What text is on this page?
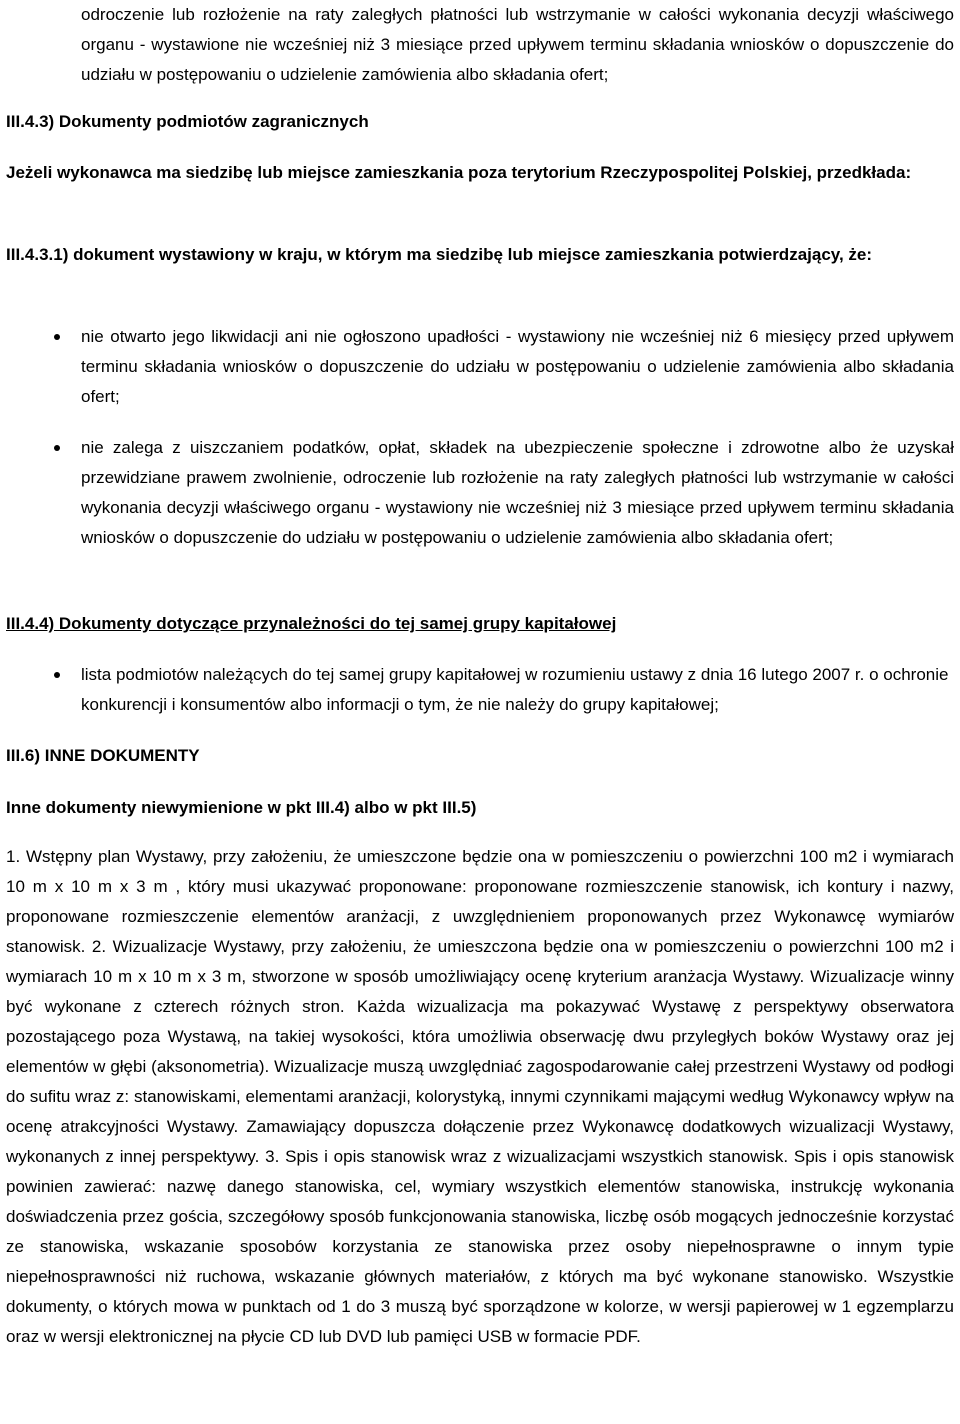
odroczenie lub rozłożenie na raty zaległych płatności lub wstrzymanie w całości wykonania decyzji właściwego organu - wystawione nie wcześniej niż 3 miesiące przed upływem terminu składania wniosków o dopuszczenie do udziału w postępowaniu o udzielenie zamówienia albo składania ofert;

III.4.3) Dokumenty podmiotów zagranicznych

Jeżeli wykonawca ma siedzibę lub miejsce zamieszkania poza terytorium Rzeczypospolitej Polskiej, przedkłada:

III.4.3.1) dokument wystawiony w kraju, w którym ma siedzibę lub miejsce zamieszkania potwierdzający, że:

nie otwarto jego likwidacji ani nie ogłoszono upadłości - wystawiony nie wcześniej niż 6 miesięcy przed upływem terminu składania wniosków o dopuszczenie do udziału w postępowaniu o udzielenie zamówienia albo składania ofert;

nie zalega z uiszczaniem podatków, opłat, składek na ubezpieczenie społeczne i zdrowotne albo że uzyskał przewidziane prawem zwolnienie, odroczenie lub rozłożenie na raty zaległych płatności lub wstrzymanie w całości wykonania decyzji właściwego organu - wystawiony nie wcześniej niż 3 miesiące przed upływem terminu składania wniosków o dopuszczenie do udziału w postępowaniu o udzielenie zamówienia albo składania ofert;

III.4.4) Dokumenty dotyczące przynależności do tej samej grupy kapitałowej

lista podmiotów należących do tej samej grupy kapitałowej w rozumieniu ustawy z dnia 16 lutego 2007 r. o ochronie konkurencji i konsumentów albo informacji o tym, że nie należy do grupy kapitałowej;

III.6) INNE DOKUMENTY

Inne dokumenty niewymienione w pkt III.4) albo w pkt III.5)

1. Wstępny plan Wystawy, przy założeniu, że umieszczone będzie ona w pomieszczeniu o powierzchni 100 m2 i wymiarach 10 m x 10 m x 3 m , który musi ukazywać proponowane: proponowane rozmieszczenie stanowisk, ich kontury i nazwy, proponowane rozmieszczenie elementów aranżacji, z uwzględnieniem proponowanych przez Wykonawcę wymiarów stanowisk. 2. Wizualizacje Wystawy, przy założeniu, że umieszczona będzie ona w pomieszczeniu o powierzchni 100 m2 i wymiarach 10 m x 10 m x 3 m, stworzone w sposób umożliwiający ocenę kryterium aranżacja Wystawy. Wizualizacje winny być wykonane z czterech różnych stron. Każda wizualizacja ma pokazywać Wystawę z perspektywy obserwatora pozostającego poza Wystawą, na takiej wysokości, która umożliwia obserwację dwu przyległych boków Wystawy oraz jej elementów w głębi (aksonometria). Wizualizacje muszą uwzględniać zagospodarowanie całej przestrzeni Wystawy od podłogi do sufitu wraz z: stanowiskami, elementami aranżacji, kolorystyką, innymi czynnikami mającymi według Wykonawcy wpływ na ocenę atrakcyjności Wystawy. Zamawiający dopuszcza dołączenie przez Wykonawcę dodatkowych wizualizacji Wystawy, wykonanych z innej perspektywy. 3. Spis i opis stanowisk wraz z wizualizacjami wszystkich stanowisk. Spis i opis stanowisk powinien zawierać: nazwę danego stanowiska, cel, wymiary wszystkich elementów stanowiska, instrukcję wykonania doświadczenia przez gościa, szczegółowy sposób funkcjonowania stanowiska, liczbę osób mogących jednocześnie korzystać ze stanowiska, wskazanie sposobów korzystania ze stanowiska przez osoby niepełnosprawne o innym typie niepełnosprawności niż ruchowa, wskazanie głównych materiałów, z których ma być wykonane stanowisko. Wszystkie dokumenty, o których mowa w punktach od 1 do 3 muszą być sporządzone w kolorze, w wersji papierowej w 1 egzemplarzu oraz w wersji elektronicznej na płycie CD lub DVD lub pamięci USB w formacie PDF.
